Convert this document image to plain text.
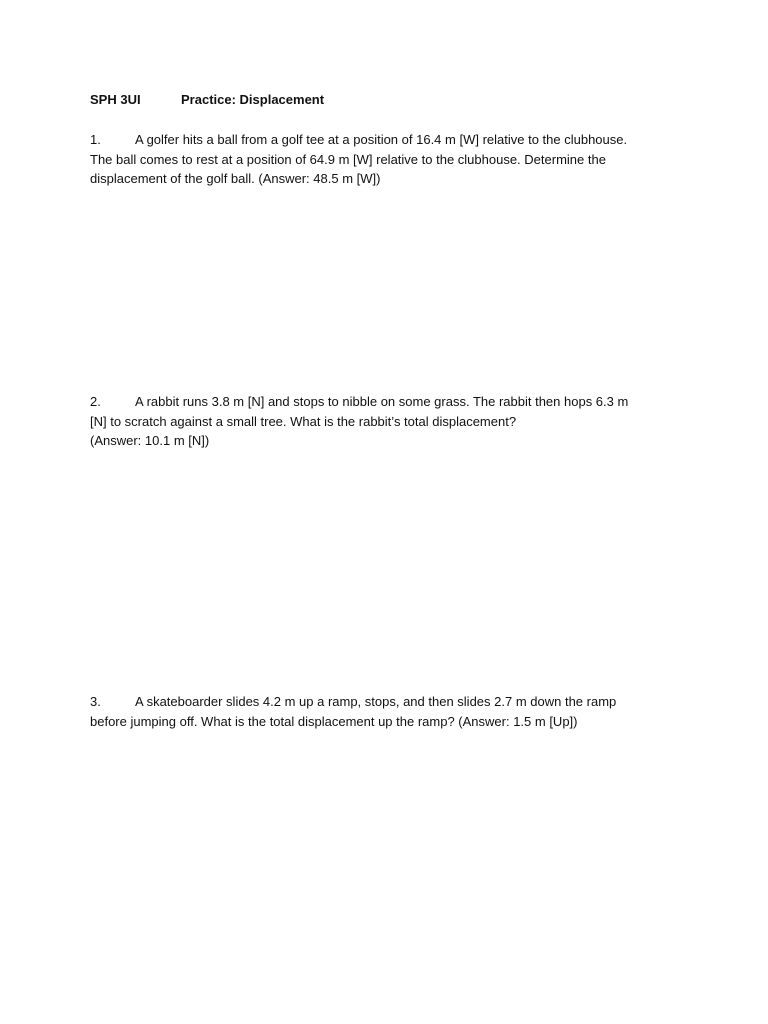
SPH 3UI	Practice: Displacement
1.	A golfer hits a ball from a golf tee at a position of 16.4 m [W] relative to the clubhouse.
The ball comes to rest at a position of 64.9 m [W] relative to the clubhouse. Determine the
displacement of the golf ball. (Answer: 48.5 m [W])
2.	A rabbit runs 3.8 m [N] and stops to nibble on some grass. The rabbit then hops 6.3 m
[N] to scratch against a small tree. What is the rabbit’s total displacement?
(Answer: 10.1 m [N])
3.	A skateboarder slides 4.2 m up a ramp, stops, and then slides 2.7 m down the ramp
before jumping off. What is the total displacement up the ramp? (Answer: 1.5 m [Up])
